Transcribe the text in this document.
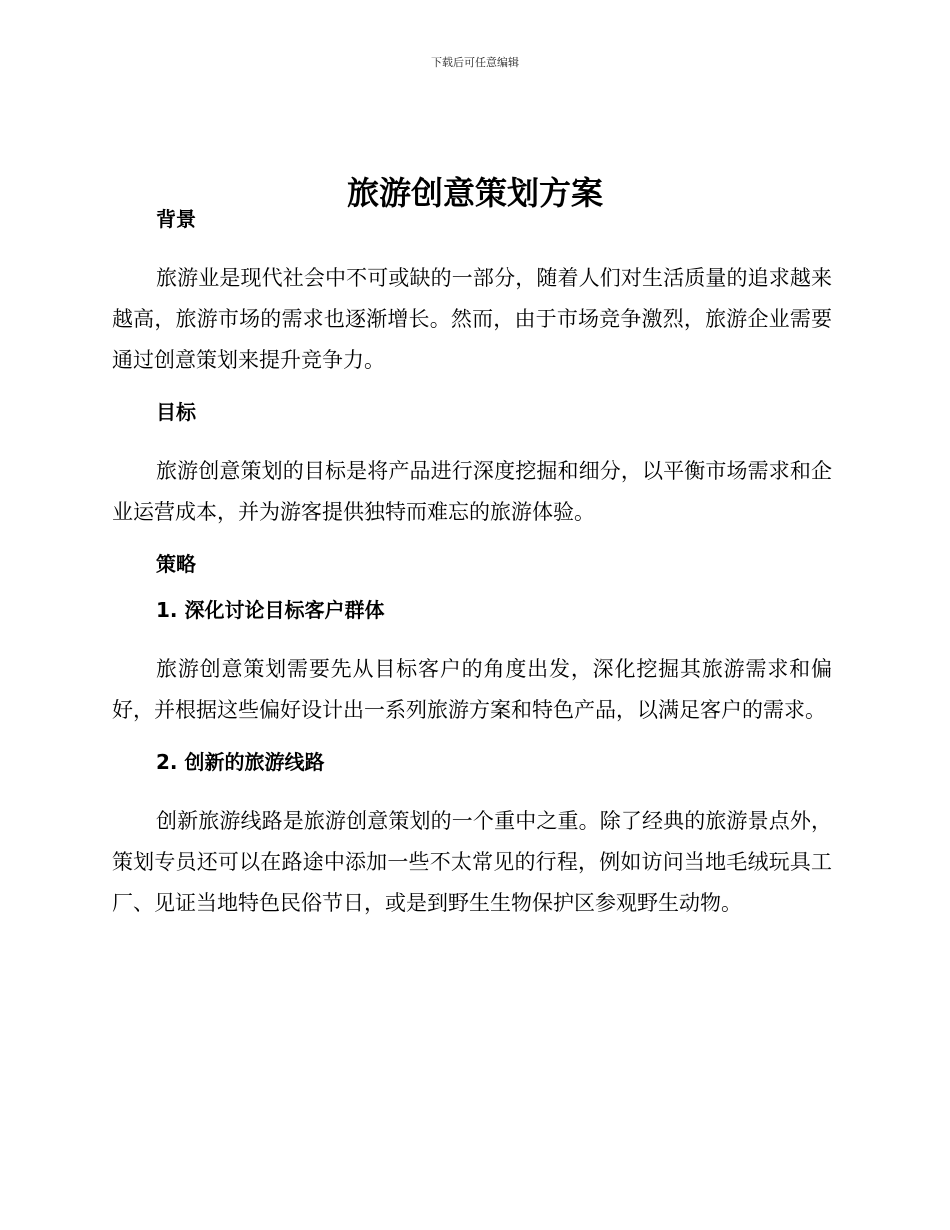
下载后可任意编辑
旅游创意策划方案
背景

旅游业是现代社会中不可或缺的一部分，随着人们对生活质量的追求越来越高，旅游市场的需求也逐渐增长。然而，由于市场竞争激烈，旅游企业需要通过创意策划来提升竞争力。

目标

旅游创意策划的目标是将产品进行深度挖掘和细分，以平衡市场需求和企业运营成本，并为游客提供独特而难忘的旅游体验。

策略
1. 深化讨论目标客户群体

旅游创意策划需要先从目标客户的角度出发，深化挖掘其旅游需求和偏好，并根据这些偏好设计出一系列旅游方案和特色产品，以满足客户的需求。

2. 创新的旅游线路

创新旅游线路是旅游创意策划的一个重中之重。除了经典的旅游景点外，策划专员还可以在路途中添加一些不太常见的行程，例如访问当地毛绒玩具工厂、见证当地特色民俗节日，或是到野生生物保护区参观野生动物。
